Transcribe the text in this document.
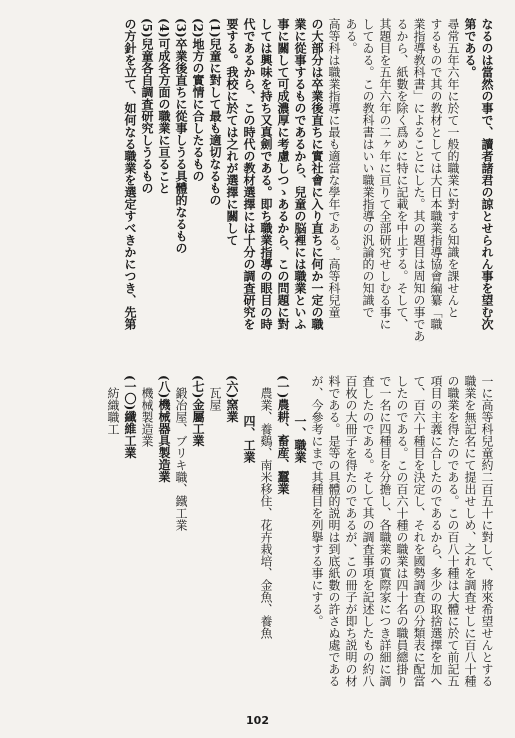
なるのは當然の事で、讀者諸君の諒とせられん事を望む次
第である。
尋常五年六年に於て一般的職業に對する知識を課せんと
するもので其の教材としては大日本職業指導協會編纂「職
業指導教科書」によることにした。其の題目は周知の事であ
るから、紙數を除く爲めに特に記載を中止する。そして、
其題目を五年六年の二ヶ年に亘りて全部研究せしむる事に
してゐる。この教科書はいい職業指導の汎論的の知識で
ある。
高等科は職業指導に最も適當な學年である。高等科兒童
の大部分は卒業後直ちに實社會に入り直ちに何か一定の職
業に從事するものであるから、兒童の脳裡には職業といふ
事に關して可成濃厚に考慮しつゝあるから、この問題に對
しては興味を持ち又真劍である。即ち職業指導の眼目の時
代であるから、この時代の教材選擇には十分の調査研究を
要する。我校に於ては之れが選擇に關して
(1)兒童に對して最も適切なるもの
(2)地方の實情に合したるもの
(3)卒業後直ちに從事しうる具體的なるもの
(4)可成各方面の職業に亘ること
(5)兒童各自調査研究しうるもの
の方針を立て、如何なる職業を選定すべきかにつき、先第
一に高等科兒童約二百五十に對して、將來希望せんとする
職業を無記名にて提出せしめ、之れを調査せしに百八十種
の職業を得たのである。この百八十種は大體に於て前記五
項目の主義に合したのであるから、多少の取捨選擇を加へ
て、百六十種目を決定し、それを國勢調査の分類表に配當
したのである。この百六十種の職業は四十名の職員總掛り
で一名に四種目を分擔し、各職業の實際家につき詳細に調
査したのである。そして其の調査事項を記述したもの約八
百枚の大冊子を得たのであるが、この冊子が即ち説明の材
料である。是等の具體的説明は到底紙數の許さぬ處である
が、今參考にまで其種目を列擧する事にする。
一、職業
(一)農耕、畜産、蠶業
農業、養鷄、南米移住、花卉栽培、金魚、養魚
四、工業
(六)窯業
瓦屋
(七)金屬工業
鍛冶屋、ブリキ職、鐵工業
(八)機械器具製造業
機械製造業
(一〇)纖維工業
紡織職工
102
